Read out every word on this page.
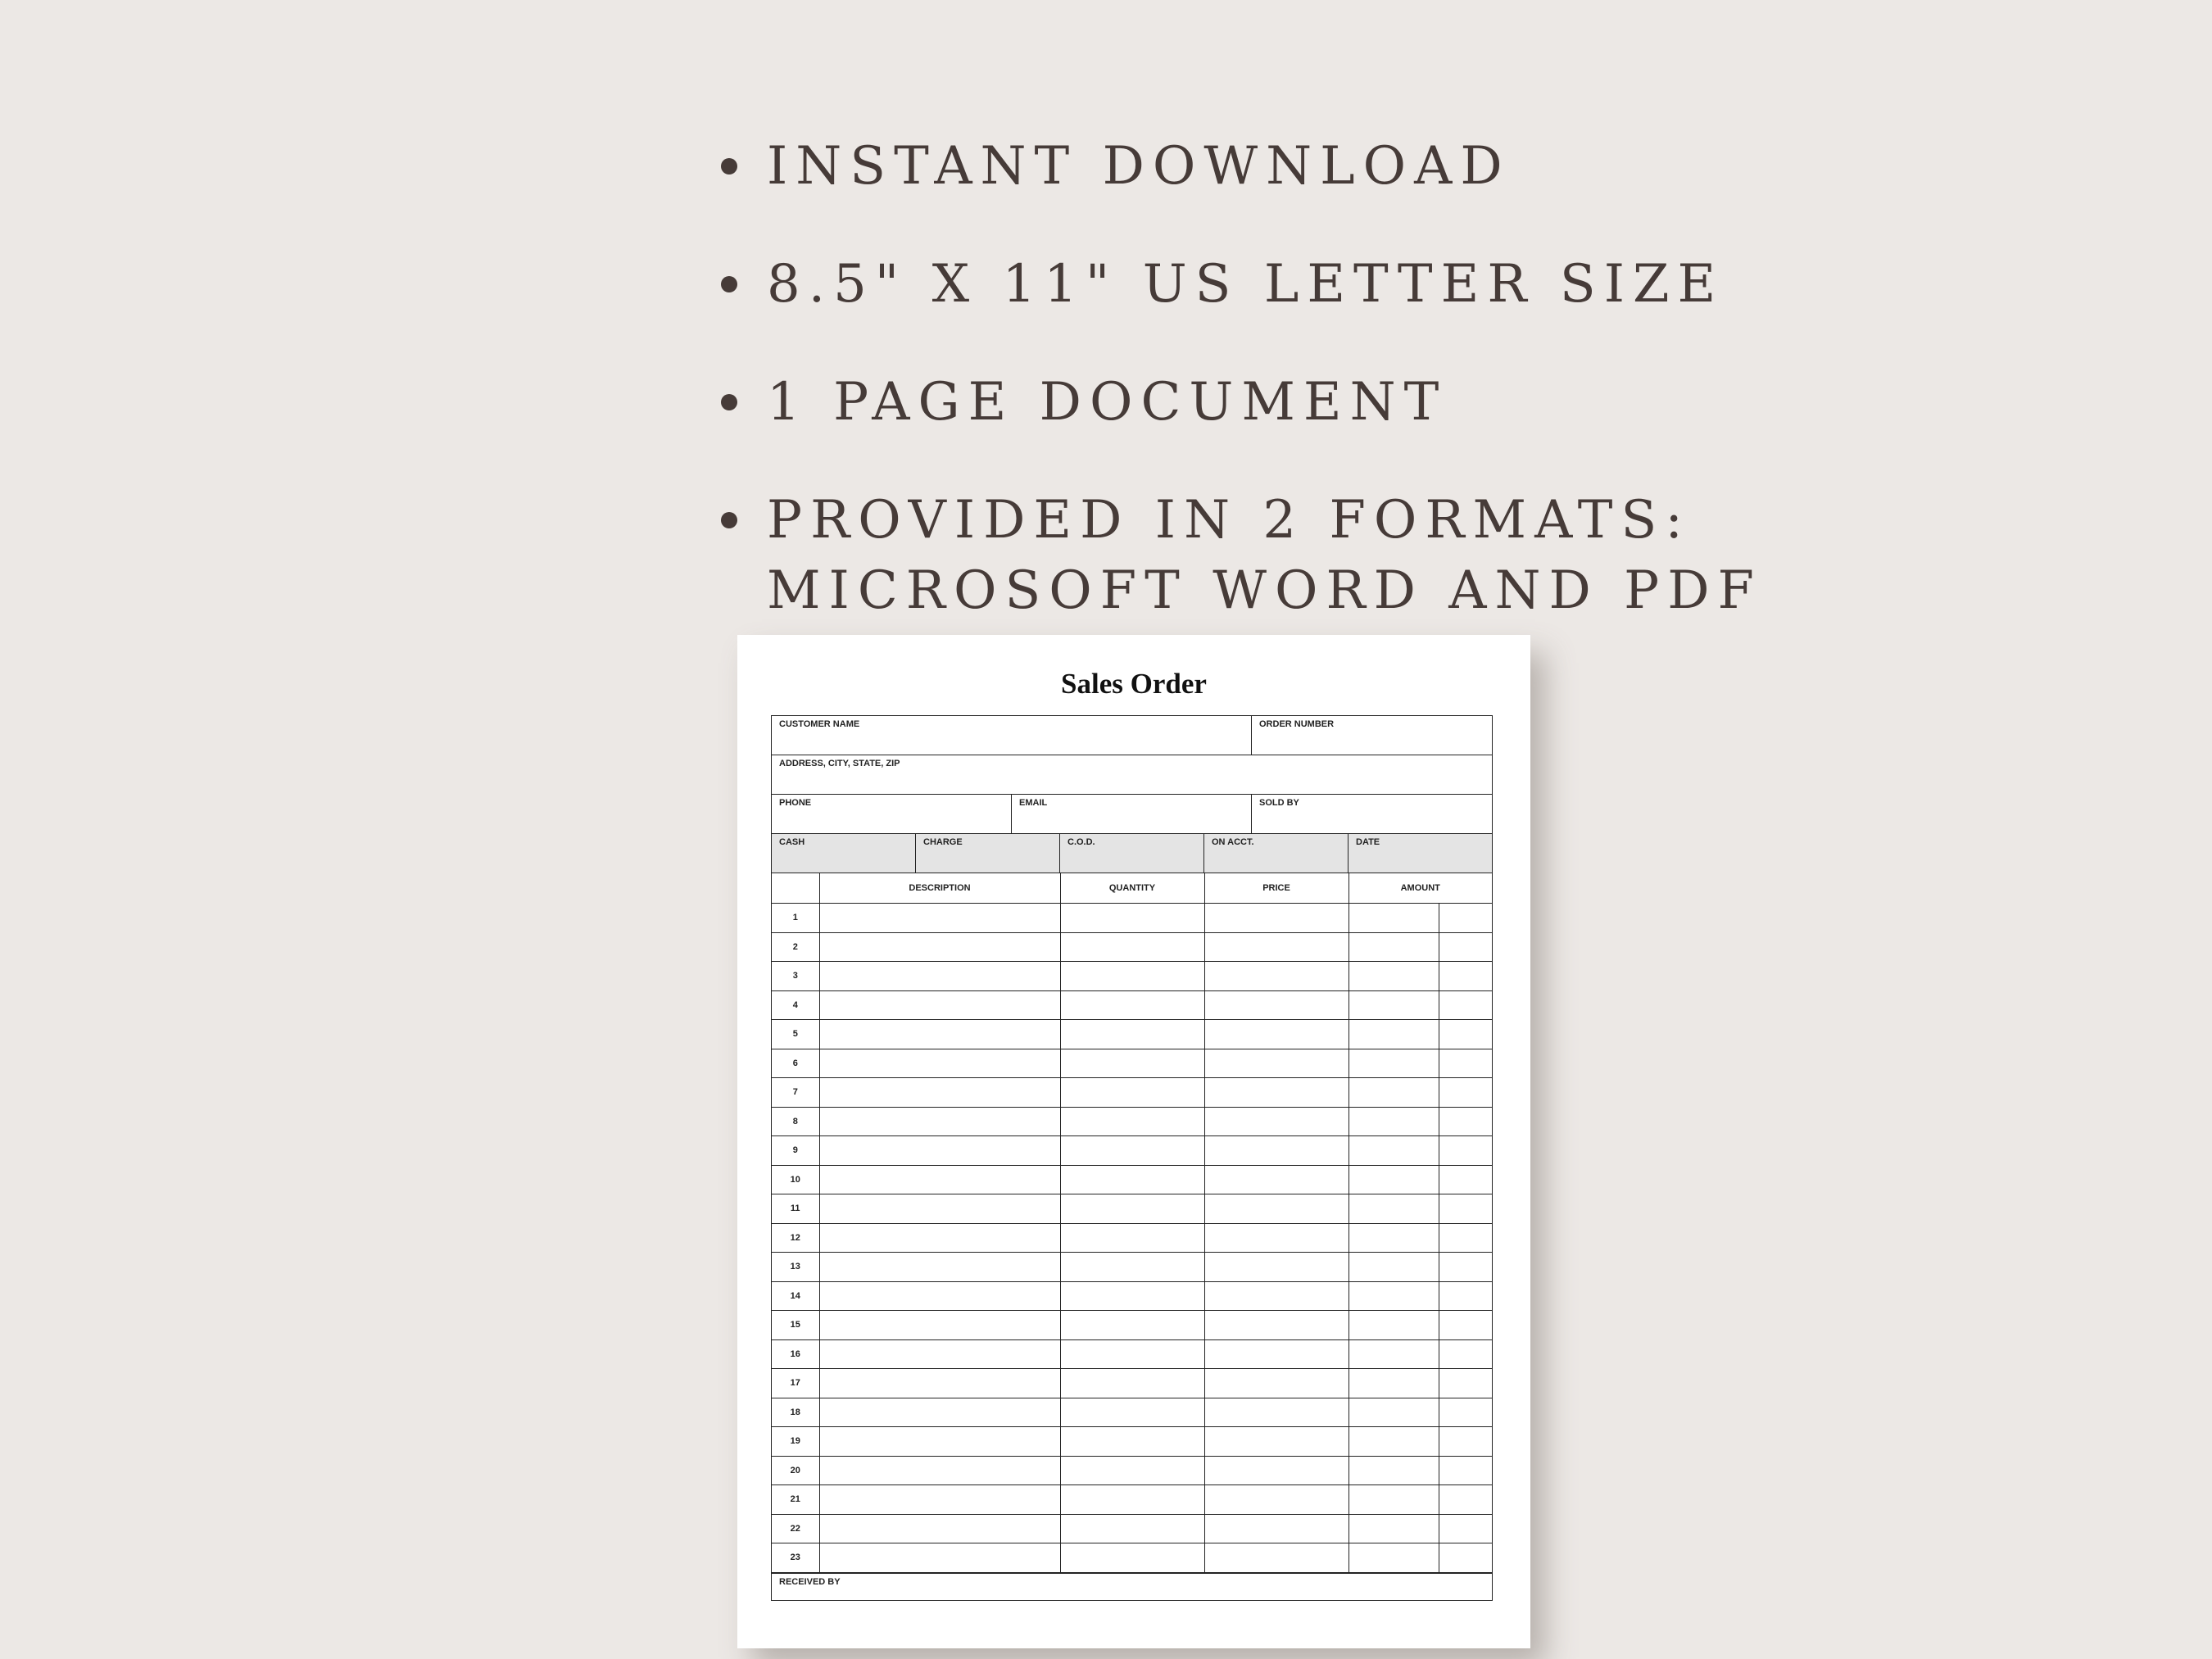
INSTANT DOWNLOAD
8.5" X 11" US LETTER SIZE
1 PAGE DOCUMENT
PROVIDED IN 2 FORMATS:
MICROSOFT WORD AND PDF
Sales Order
CUSTOMER NAME	ORDER NUMBER
ADDRESS, CITY, STATE, ZIP
PHONE	EMAIL	SOLD BY
CASH	CHARGE	C.O.D.	ON ACCT.	DATE
	DESCRIPTION	QUANTITY	PRICE	AMOUNT	
1					
2					
3					
4					
5					
6					
7					
8					
9					
10					
11					
12					
13					
14					
15					
16					
17					
18					
19					
20					
21					
22					
23					
RECEIVED BY
